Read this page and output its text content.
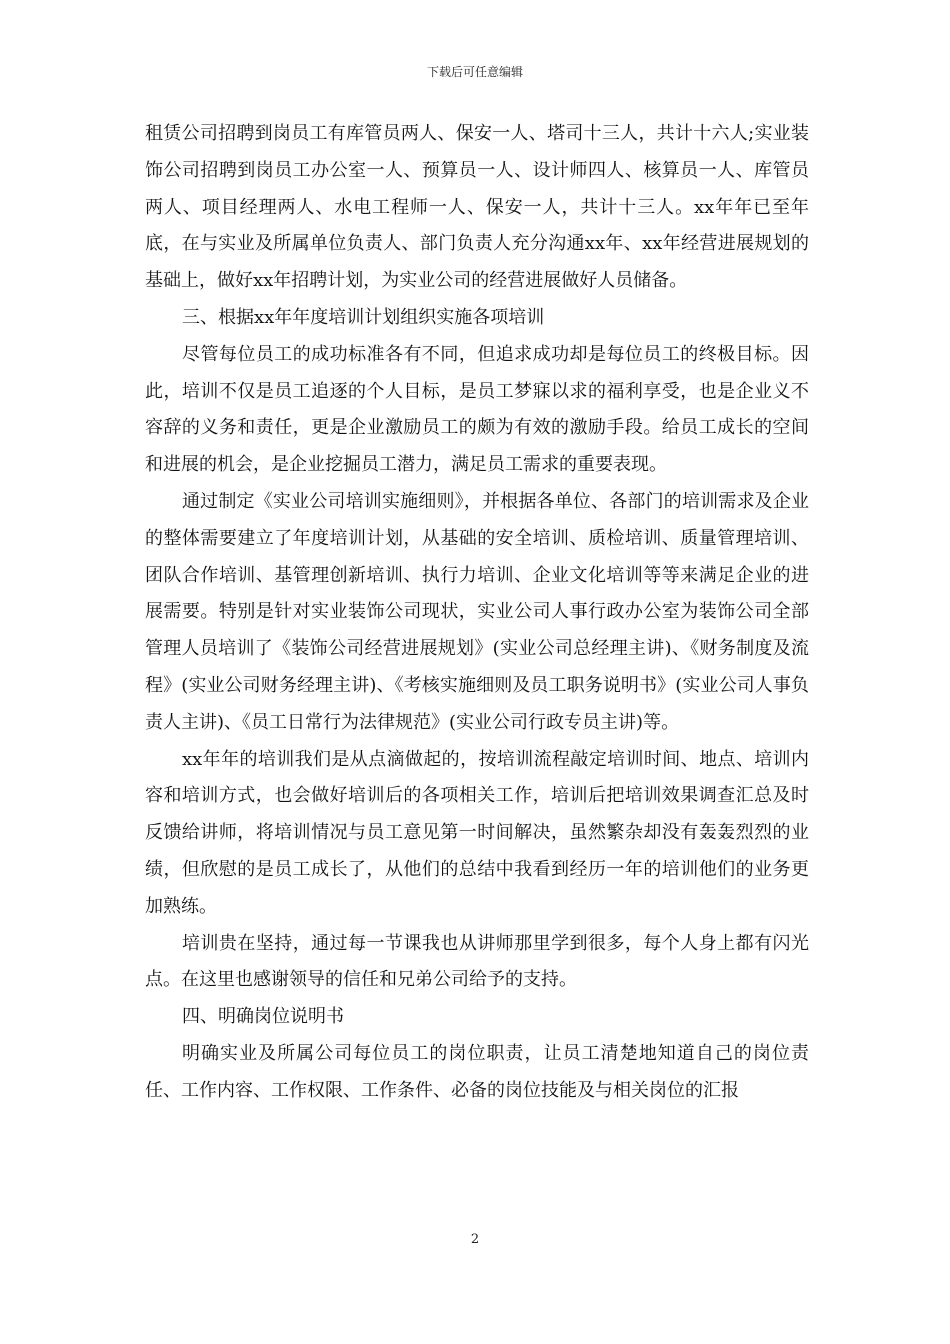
下载后可任意编辑

租赁公司招聘到岗员工有库管员两人、保安一人、塔司十三人，共计十六人;实业装饰公司招聘到岗员工办公室一人、预算员一人、设计师四人、核算员一人、库管员两人、项目经理两人、水电工程师一人、保安一人，共计十三人。xx年年已至年底，在与实业及所属单位负责人、部门负责人充分沟通xx年、xx年经营进展规划的基础上，做好xx年招聘计划，为实业公司的经营进展做好人员储备。

三、根据xx年年度培训计划组织实施各项培训

尽管每位员工的成功标准各有不同，但追求成功却是每位员工的终极目标。因此，培训不仅是员工追逐的个人目标，是员工梦寐以求的福利享受，也是企业义不容辞的义务和责任，更是企业激励员工的颇为有效的激励手段。给员工成长的空间和进展的机会，是企业挖掘员工潜力，满足员工需求的重要表现。

通过制定《实业公司培训实施细则》，并根据各单位、各部门的培训需求及企业的整体需要建立了年度培训计划，从基础的安全培训、质检培训、质量管理培训、团队合作培训、基管理创新培训、执行力培训、企业文化培训等等来满足企业的进展需要。特别是针对实业装饰公司现状，实业公司人事行政办公室为装饰公司全部管理人员培训了《装饰公司经营进展规划》(实业公司总经理主讲)、《财务制度及流程》(实业公司财务经理主讲)、《考核实施细则及员工职务说明书》(实业公司人事负责人主讲)、《员工日常行为法律规范》(实业公司行政专员主讲)等。

xx年年的培训我们是从点滴做起的，按培训流程敲定培训时间、地点、培训内容和培训方式，也会做好培训后的各项相关工作，培训后把培训效果调查汇总及时反馈给讲师，将培训情况与员工意见第一时间解决，虽然繁杂却没有轰轰烈烈的业绩，但欣慰的是员工成长了，从他们的总结中我看到经历一年的培训他们的业务更加熟练。

培训贵在坚持，通过每一节课我也从讲师那里学到很多，每个人身上都有闪光点。在这里也感谢领导的信任和兄弟公司给予的支持。

四、明确岗位说明书

明确实业及所属公司每位员工的岗位职责，让员工清楚地知道自己的岗位责任、工作内容、工作权限、工作条件、必备的岗位技能及与相关岗位的汇报

2
